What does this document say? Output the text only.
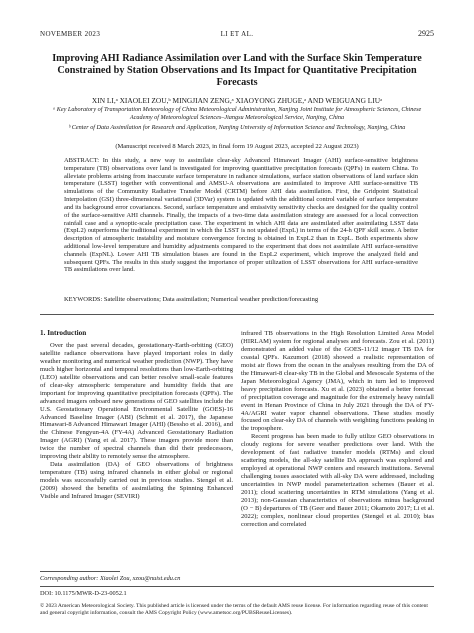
NOVEMBER 2023	LI ET AL.	2925
Improving AHI Radiance Assimilation over Land with the Surface Skin Temperature Constrained by Station Observations and Its Impact for Quantitative Precipitation Forecasts
XIN LI,ᵃ XIAOLEI ZOU,ᵇ MINGJIAN ZENG,ᵃ XIAOYONG ZHUGE,ᵃ AND WEIGUANG LIUᵃ
ᵃ Key Laboratory of Transportation Meteorology of China Meteorological Administration, Nanjing Joint Institute for Atmospheric Sciences, Chinese Academy of Meteorological Sciences–Jiangsu Meteorological Service, Nanjing, China
ᵇ Center of Data Assimilation for Research and Application, Nanjing University of Information Science and Technology, Nanjing, China
(Manuscript received 8 March 2023, in final form 19 August 2023, accepted 22 August 2023)
ABSTRACT: In this study, a new way to assimilate clear-sky Advanced Himawari Imager (AHI) surface-sensitive brightness temperature (TB) observations over land is investigated for improving quantitative precipitation forecasts (QPFs) in eastern China. To alleviate problems arising from inaccurate surface temperature in radiance simulations, surface station observations of land surface skin temperature (LSST) together with conventional and AMSU-A observations are assimilated to improve AHI surface-sensitive TB simulations of the Community Radiative Transfer Model (CRTM) before AHI data assimilation. First, the Gridpoint Statistical Interpolation (GSI) three-dimensional variational (3DVar) system is updated with the additional control variable of surface temperature and its background error covariances. Second, surface temperature and emissivity sensitivity checks are designed for the quality control of the surface-sensitive AHI channels. Finally, the impacts of a two-time data assimilation strategy are assessed for a local convection rainfall case and a synoptic-scale precipitation case. The experiment in which AHI data are assimilated after assimilating LSST data (ExpL2) outperforms the traditional experiment in which the LSST is not updated (ExpL) in terms of the 24-h QPF skill score. A better description of atmospheric instability and moisture convergence forcing is obtained in ExpL2 than in ExpL. Both experiments show additional low-level temperature and humidity adjustments compared to the experiment that does not assimilate AHI surface-sensitive channels (ExpNL). Lower AHI TB simulation biases are found in the ExpL2 experiment, which improve the analyzed field and subsequent QPFs. The results in this study suggest the importance of proper utilization of LSST observations for AHI surface-sensitive TB assimilations over land.
KEYWORDS: Satellite observations; Data assimilation; Numerical weather prediction/forecasting
1. Introduction

Over the past several decades, geostationary-Earth-orbiting (GEO) satellite radiance observations have played important roles in daily weather monitoring and numerical weather prediction (NWP). They have much higher horizontal and temporal resolutions than low-Earth-orbiting (LEO) satellite observations and can better resolve small-scale features of clear-sky atmospheric temperature and humidity fields that are important for improving quantitative precipitation forecasts (QPFs). The advanced imagers onboard new generations of GEO satellites include the U.S. Geostationary Operational Environmental Satellite (GOES)-16 Advanced Baseline Imager (ABI) (Schmit et al. 2017), the Japanese Himawari-8 Advanced Himawari Imager (AHI) (Bessho et al. 2016), and the Chinese Fengyun-4A (FY-4A) Advanced Geostationary Radiation Imager (AGRI) (Yang et al. 2017). These imagers provide more than twice the number of spectral channels than did their predecessors, improving their ability to remotely sense the atmosphere.

Data assimilation (DA) of GEO observations of brightness temperature (TB) using infrared channels in either global or regional models was successfully carried out in previous studies. Stengel et al. (2009) showed the benefits of assimilating the Spinning Enhanced Visible and Infrared Imager (SEVIRI)

infrared TB observations in the High Resolution Limited Area Model (HIRLAM) system for regional analyses and forecasts. Zou et al. (2011) demonstrated an added value of the GOES-11/12 imager TB DA for coastal QPFs. Kazumori (2018) showed a realistic representation of moist air flows from the ocean in the analyses resulting from the DA of the Himawari-8 clear-sky TB in the Global and Mesoscale Systems of the Japan Meteorological Agency (JMA), which in turn led to improved heavy precipitation forecasts. Xu et al. (2023) obtained a better forecast of precipitation coverage and magnitude for the extremely heavy rainfall event in Henan Province of China in July 2021 through the DA of FY-4A/AGRI water vapor channel observations. These studies mostly focused on clear-sky DA of channels with weighting functions peaking in the troposphere.

Recent progress has been made to fully utilize GEO observations in cloudy regions for severe weather predictions over land. With the development of fast radiative transfer models (RTMs) and cloud scattering models, the all-sky satellite DA approach was explored and employed at operational NWP centers and research institutions. Several challenging issues associated with all-sky DA were addressed, including uncertainties in NWP model parameterization schemes (Bauer et al. 2011); cloud scattering uncertainties in RTM simulations (Yang et al. 2013); non-Gaussian characteristics of observations minus background (O − B) departures of TB (Geer and Bauer 2011; Okamoto 2017; Li et al. 2022); complex, nonlinear cloud properties (Stengel et al. 2010); bias correction and correlated

Corresponding author: Xiaolei Zou, xzou@nuist.edu.cn
DOI: 10.1175/MWR-D-23-0052.1
© 2023 American Meteorological Society. This published article is licensed under the terms of the default AMS reuse license. For information regarding reuse of this content and general copyright information, consult the AMS Copyright Policy (www.ametsoc.org/PUBSReuseLicenses).
